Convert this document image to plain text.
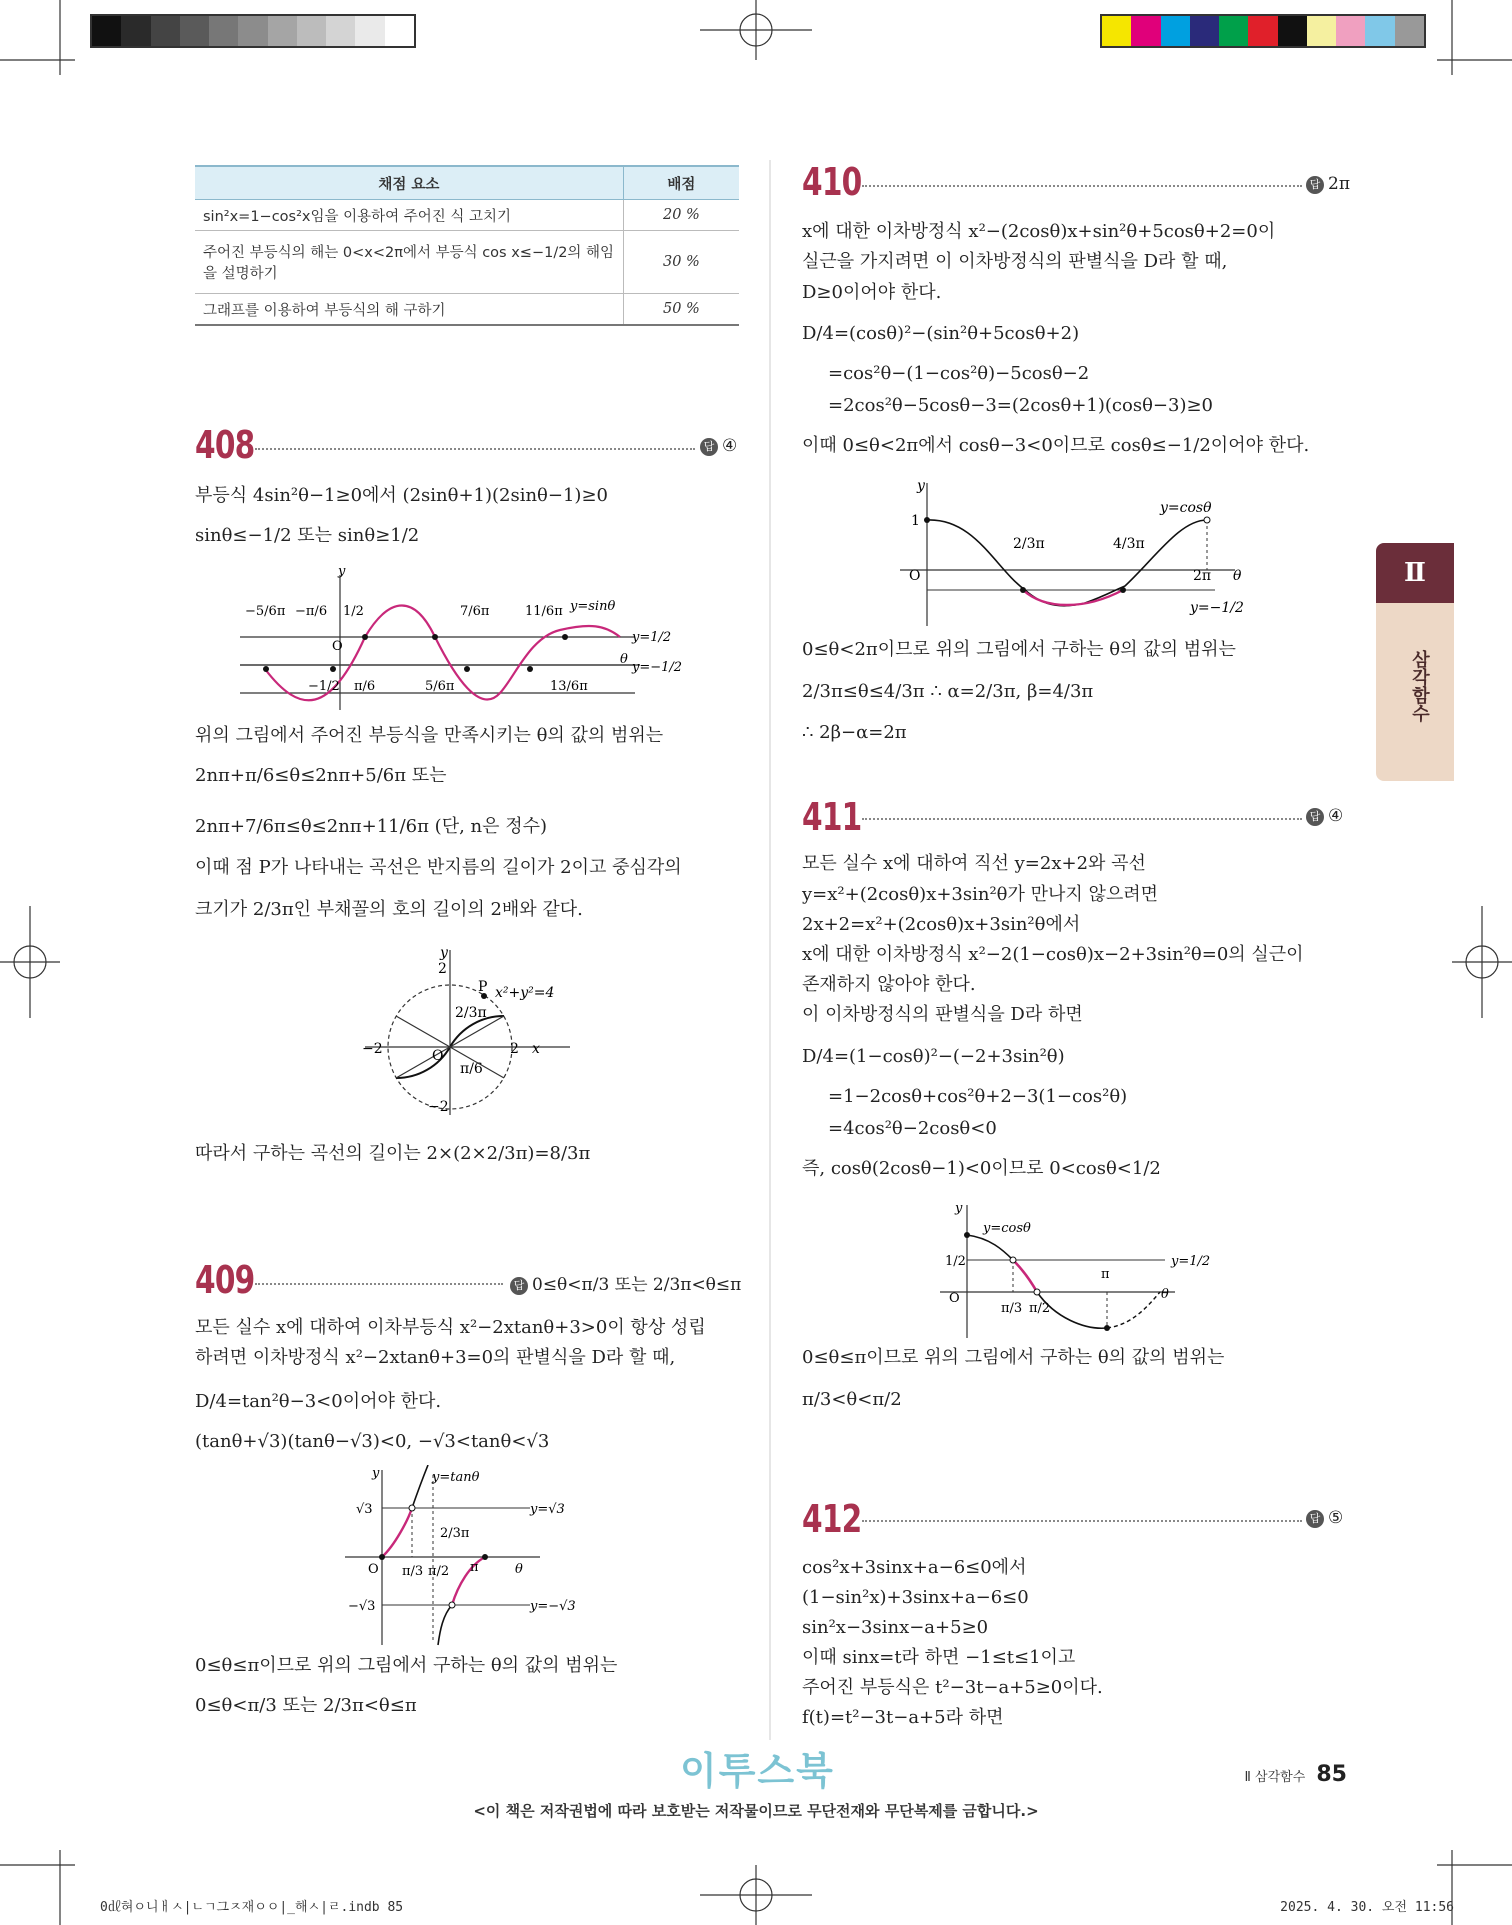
채점 요소	배점
sin²x=1−cos²x임을 이용하여 주어진 식 고치기	20 %
주어진 부등식의 해는 0<x<2π에서 부등식 cos x≤−1/2의 해임을 설명하기	30 %
그래프를 이용하여 부등식의 해 구하기	50 %
408	답 ④
부등식 4sin²θ−1≥0에서 (2sinθ+1)(2sinθ−1)≥0
sinθ≤−1/2 또는 sinθ≥1/2
y
y=sinθ
y=1/2
y=−1/2
θ
O
−5/6π −π/6 1/2	7/6π	11/6π
−1/2 π/6	5/6π	13/6π
위의 그림에서 주어진 부등식을 만족시키는 θ의 값의 범위는
2nπ+π/6≤θ≤2nπ+5/6π 또는
2nπ+7/6π≤θ≤2nπ+11/6π (단, n은 정수)
이때 점 P가 나타내는 곡선은 반지름의 길이가 2이고 중심각의
크기가 2/3π인 부채꼴의 호의 길이의 2배와 같다.
y
P x²+y²=4
2/3π
π/6
O
2
−2	2
−2
x
따라서 구하는 곡선의 길이는 2×(2×2/3π)=8/3π
409	답 0≤θ<π/3 또는 2/3π<θ≤π
모든 실수 x에 대하여 이차부등식 x²−2xtanθ+3>0이 항상 성립
하려면 이차방정식 x²−2xtanθ+3=0의 판별식을 D라 할 때,
D/4=tan²θ−3<0이어야 한다.
(tanθ+√3)(tanθ−√3)<0, −√3<tanθ<√3
y	y=tanθ
y=√3
y=−√3
√3
−√3
π/3 π/2
2/3π
π
O	θ
0≤θ≤π이므로 위의 그림에서 구하는 θ의 값의 범위는
0≤θ<π/3 또는 2/3π<θ≤π
410	답 2π
x에 대한 이차방정식 x²−(2cosθ)x+sin²θ+5cosθ+2=0이
실근을 가지려면 이 이차방정식의 판별식을 D라 할 때,
D≥0이어야 한다.
D/4=(cosθ)²−(sin²θ+5cosθ+2)
=cos²θ−(1−cos²θ)−5cosθ−2
=2cos²θ−5cosθ−3=(2cosθ+1)(cosθ−3)≥0
이때 0≤θ<2π에서 cosθ−3<0이므로 cosθ≤−1/2이어야 한다.
y
y=cosθ
y=−1/2
1
2/3π	4/3π
2π
O	θ
0≤θ<2π이므로 위의 그림에서 구하는 θ의 값의 범위는
2/3π≤θ≤4/3π ∴ α=2/3π, β=4/3π
∴ 2β−α=2π
411	답 ④
모든 실수 x에 대하여 직선 y=2x+2와 곡선
y=x²+(2cosθ)x+3sin²θ가 만나지 않으려면
2x+2=x²+(2cosθ)x+3sin²θ에서
x에 대한 이차방정식 x²−2(1−cosθ)x−2+3sin²θ=0의 실근이
존재하지 않아야 한다.
이 이차방정식의 판별식을 D라 하면
D/4=(1−cosθ)²−(−2+3sin²θ)
=1−2cosθ+cos²θ+2−3(1−cos²θ)
=4cos²θ−2cosθ<0
즉, cosθ(2cosθ−1)<0이므로 0<cosθ<1/2
y
y=cosθ
y=1/2
1/2
π/3 π/2
π
O	θ
0≤θ≤π이므로 위의 그림에서 구하는 θ의 값의 범위는
π/3<θ<π/2
412	답 ⑤
cos²x+3sinx+a−6≤0에서
(1−sin²x)+3sinx+a−6≤0
sin²x−3sinx−a+5≥0
이때 sinx=t라 하면 −1≤t≤1이고
주어진 부등식은 t²−3t−a+5≥0이다.
f(t)=t²−3t−a+5라 하면
Ⅱ
삼각함수
이투스북	Ⅱ 삼각함수 85
<이 책은 저작권법에 따라 보호받는 저작물이므로 무단전재와 무단복제를 금합니다.>
0㎗혀ㅇ니ㅐㅅ|ㄴㄱ그ㅈ재ㅇㅇ|_해ㅅ|ㄹ.indb 85	2025. 4. 30. 오전 11:56
